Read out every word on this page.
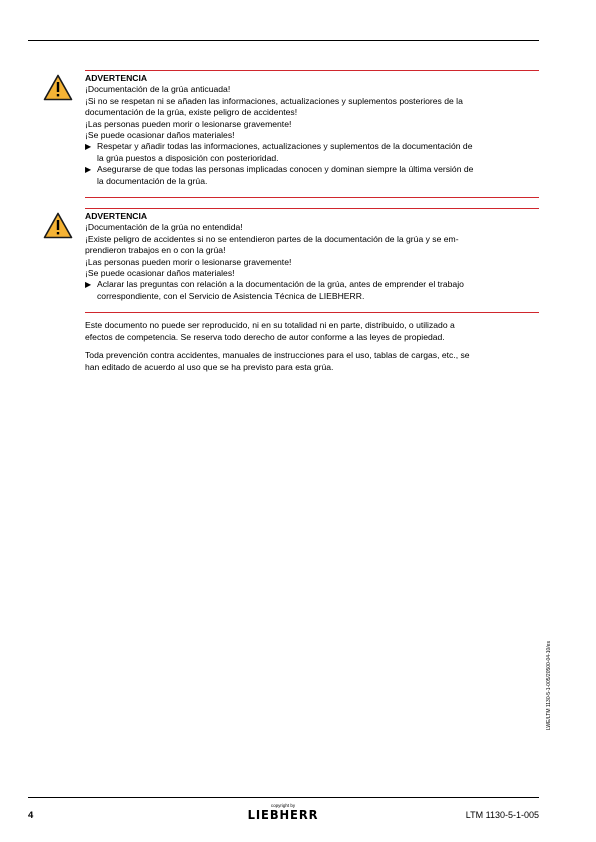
ADVERTENCIA
¡Documentación de la grúa anticuada!
¡Si no se respetan ni se añaden las informaciones, actualizaciones y suplementos posteriores de la
documentación de la grúa, existe peligro de accidentes!
¡Las personas pueden morir o lesionarse gravemente!
¡Se puede ocasionar daños materiales!
▶ Respetar y añadir todas las informaciones, actualizaciones y suplementos de la documentación de
la grúa puestos a disposición con posterioridad.
▶ Asegurarse de que todas las personas implicadas conocen y dominan siempre la última versión de
la documentación de la grúa.
ADVERTENCIA
¡Documentación de la grúa no entendida!
¡Existe peligro de accidentes si no se entendieron partes de la documentación de la grúa y se em-
prendieron trabajos en o con la grúa!
¡Las personas pueden morir o lesionarse gravemente!
¡Se puede ocasionar daños materiales!
▶ Aclarar las preguntas con relación a la documentación de la grúa, antes de emprender el trabajo
correspondiente, con el Servicio de Asistencia Técnica de LIEBHERR.
Este documento no puede ser reproducido, ni en su totalidad ni en parte, distribuido, o utilizado a
efectos de competencia. Se reserva todo derecho de autor conforme a las leyes de propiedad.
Toda prevención contra accidentes, manuales de instrucciones para el uso, tablas de cargas, etc., se
han editado de acuerdo al uso que se ha previsto para esta grúa.
LWE/LTM 1130-5-1-005/20500-04-10/es
4
copyright by
LIEBHERR	LTM 1130-5-1-005
